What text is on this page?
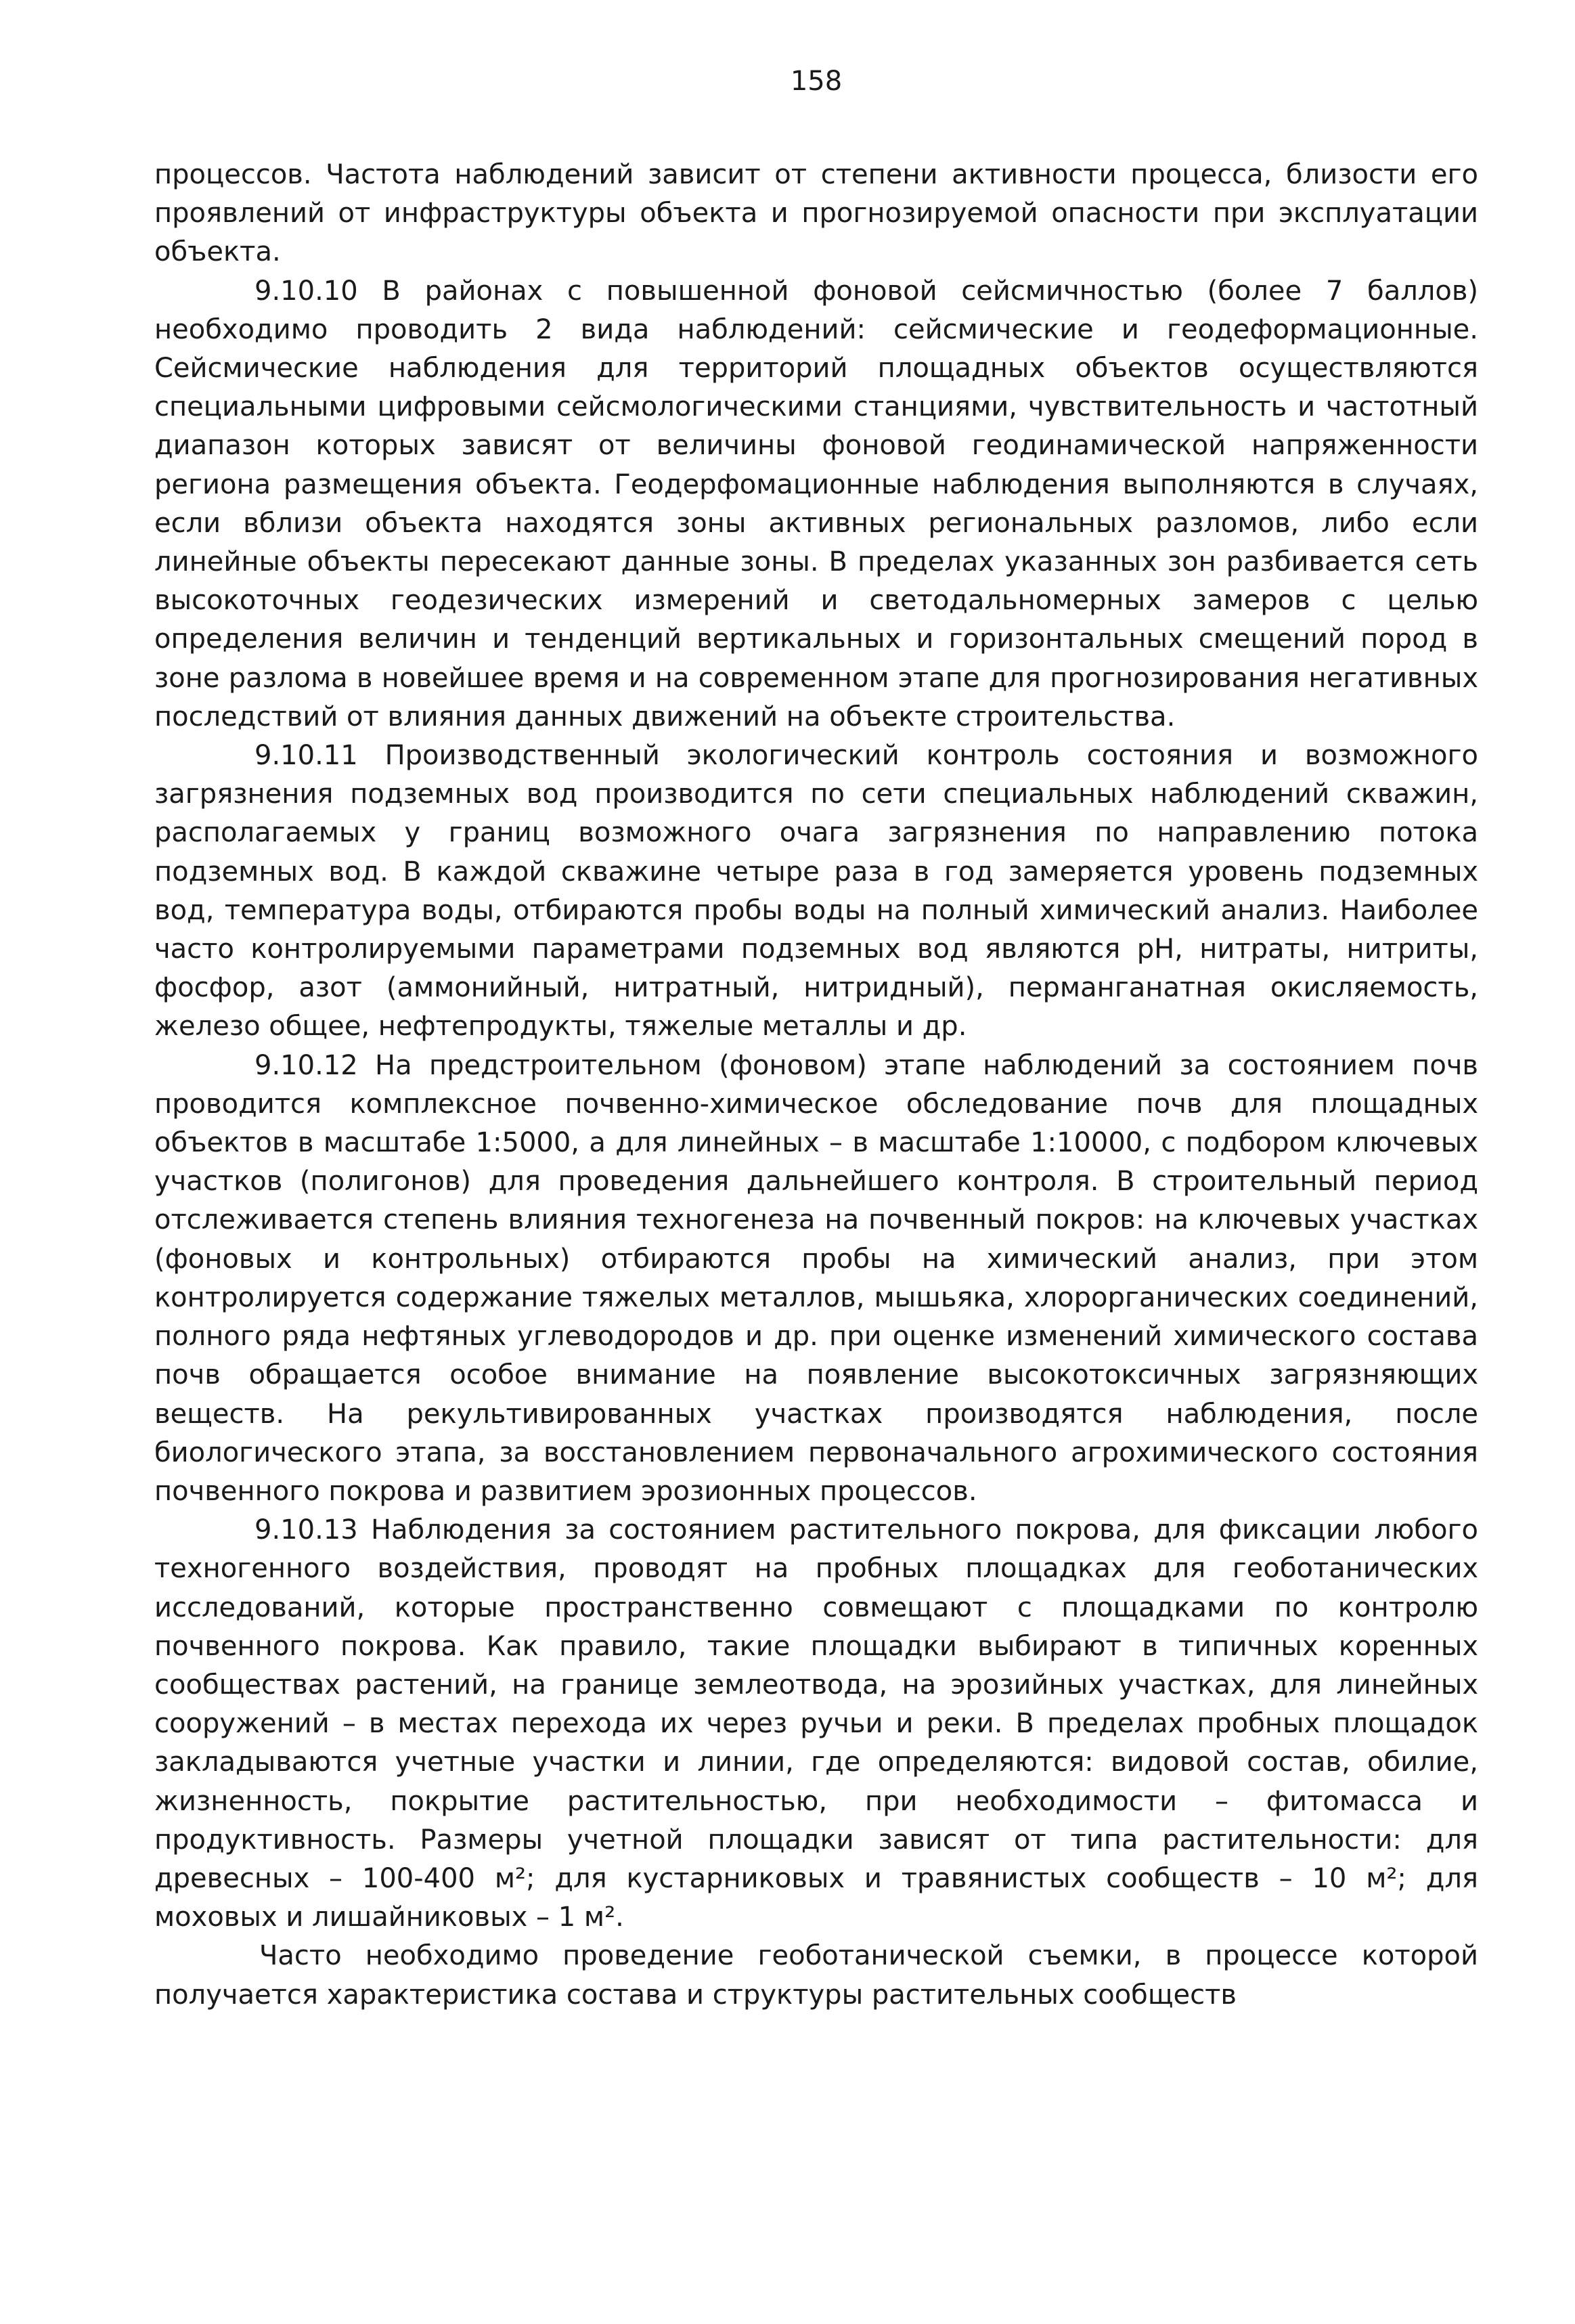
158

процессов. Частота наблюдений зависит от степени активности процесса, близости его проявлений от инфраструктуры объекта и прогнозируемой опасности при эксплуатации объекта.

9.10.10 В районах с повышенной фоновой сейсмичностью (более 7 баллов) необходимо проводить 2 вида наблюдений: сейсмические и геодеформационные. Сейсмические наблюдения для территорий площадных объектов осуществляются специальными цифровыми сейсмологическими станциями, чувствительность и частотный диапазон которых зависят от величины фоновой геодинамической напряженности региона размещения объекта. Геодерфомационные наблюдения выполняются в случаях, если вблизи объекта находятся зоны активных региональных разломов, либо если линейные объекты пересекают данные зоны. В пределах указанных зон разбивается сеть высокоточных геодезических измерений и светодальномерных замеров с целью определения величин и тенденций вертикальных и горизонтальных смещений пород в зоне разлома в новейшее время и на современном этапе для прогнозирования негативных последствий от влияния данных движений на объекте строительства.

9.10.11 Производственный экологический контроль состояния и возможного загрязнения подземных вод производится по сети специальных наблюдений скважин, располагаемых у границ возможного очага загрязнения по направлению потока подземных вод. В каждой скважине четыре раза в год замеряется уровень подземных вод, температура воды, отбираются пробы воды на полный химический анализ. Наиболее часто контролируемыми параметрами подземных вод являются pH, нитраты, нитриты, фосфор, азот (аммонийный, нитратный, нитридный), перманганатная окисляемость, железо общее, нефтепродукты, тяжелые металлы и др.

9.10.12 На предстроительном (фоновом) этапе наблюдений за состоянием почв проводится комплексное почвенно-химическое обследование почв для площадных объектов в масштабе 1:5000, а для линейных – в масштабе 1:10000, с подбором ключевых участков (полигонов) для проведения дальнейшего контроля. В строительный период отслеживается степень влияния техногенеза на почвенный покров: на ключевых участках (фоновых и контрольных) отбираются пробы на химический анализ, при этом контролируется содержание тяжелых металлов, мышьяка, хлорорганических соединений, полного ряда нефтяных углеводородов и др. при оценке изменений химического состава почв обращается особое внимание на появление высокотоксичных загрязняющих веществ. На рекультивированных участках производятся наблюдения, после биологического этапа, за восстановлением первоначального агрохимического состояния почвенного покрова и развитием эрозионных процессов.

9.10.13 Наблюдения за состоянием растительного покрова, для фиксации любого техногенного воздействия, проводят на пробных площадках для геоботанических исследований, которые пространственно совмещают с площадками по контролю почвенного покрова. Как правило, такие площадки выбирают в типичных коренных сообществах растений, на границе землеотвода, на эрозийных участках, для линейных сооружений – в местах перехода их через ручьи и реки. В пределах пробных площадок закладываются учетные участки и линии, где определяются: видовой состав, обилие, жизненность, покрытие растительностью, при необходимости – фитомасса и продуктивность. Размеры учетной площадки зависят от типа растительности: для древесных – 100-400 м²; для кустарниковых и травянистых сообществ – 10 м²; для моховых и лишайниковых – 1 м².

Часто необходимо проведение геоботанической съемки, в процессе которой получается характеристика состава и структуры растительных сообществ
